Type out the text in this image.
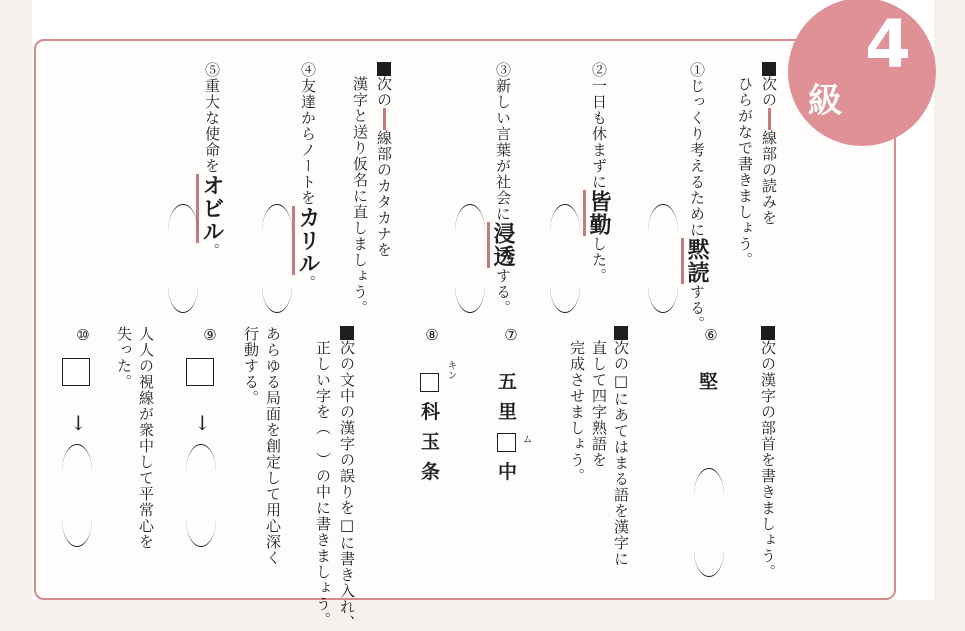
4
級
次の線部の読みを
ひらがなで書きましょう。
①じっくり考えるために黙読する。
②一日も休まずに皆勤した。
③新しい言葉が社会に浸透する。
次の線部のカタカナを
漢字と送り仮名に直しましょう。
④友達からノートをカリル。
⑤重大な使命をオビル。
次の漢字の部首を書きましょう。
⑥
堅
次の□にあてはまる語を漢字に
直して四字熟語を
完成させましょう。
⑦
五
里
ム
中
⑧
キン
科
玉
条
次の文中の漢字の誤りを□に書き入れ、
正しい字を（　）の中に書きましょう。
あらゆる局面を創定して用心深く
行動する。
⑨
↓
人人の視線が衆中して平常心を
失った。
⑩
↓
